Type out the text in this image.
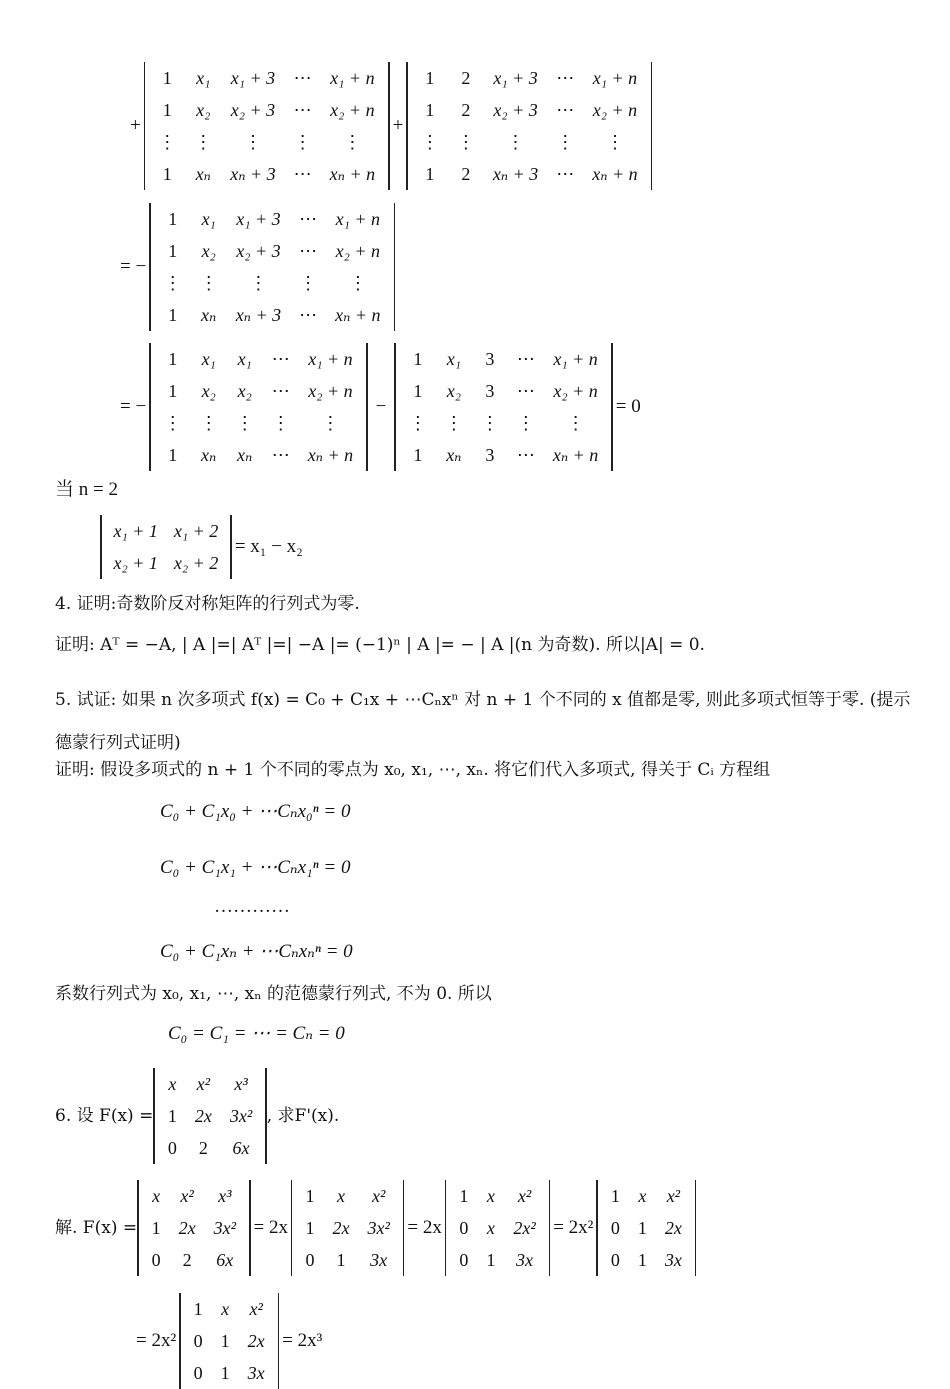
+
1	x₁	x₁ + 3	⋯	x₁ + n
1	x₂	x₂ + 3	⋯	x₂ + n
⋮	⋮	⋮	⋮	⋮
1	xₙ	xₙ + 3	⋯	xₙ + n
+
1	2	x₁ + 3	⋯	x₁ + n
1	2	x₂ + 3	⋯	x₂ + n
⋮	⋮	⋮	⋮	⋮
1	2	xₙ + 3	⋯	xₙ + n
= −
1	x₁	x₁ + 3	⋯	x₁ + n
1	x₂	x₂ + 3	⋯	x₂ + n
⋮	⋮	⋮	⋮	⋮
1	xₙ	xₙ + 3	⋯	xₙ + n
= −
1	x₁	x₁	⋯	x₁ + n
1	x₂	x₂	⋯	x₂ + n
⋮	⋮	⋮	⋮	⋮
1	xₙ	xₙ	⋯	xₙ + n
−
1	x₁	3	⋯	x₁ + n
1	x₂	3	⋯	x₂ + n
⋮	⋮	⋮	⋮	⋮
1	xₙ	3	⋯	xₙ + n
= 0
当 n = 2
x₁ + 1	x₁ + 2
x₂ + 1	x₂ + 2
= x₁ − x₂
4. 证明:奇数阶反对称矩阵的行列式为零.
证明: Aᵀ = −A, | A |=| Aᵀ |=| −A |= (−1)ⁿ | A |= − | A |(n 为奇数). 所以|A| = 0.
5. 试证: 如果 n 次多项式 f(x) = C₀ + C₁x + ⋯Cₙxⁿ 对 n + 1 个不同的 x 值都是零, 则此多项式恒等于零. (提示
德蒙行列式证明)
证明: 假设多项式的 n + 1 个不同的零点为 x₀, x₁, ⋯, xₙ. 将它们代入多项式, 得关于 Cᵢ 方程组
C₀ + C₁x₀ + ⋯Cₙx₀ⁿ = 0
C₀ + C₁x₁ + ⋯Cₙx₁ⁿ = 0
…………
C₀ + C₁xₙ + ⋯Cₙxₙⁿ = 0
系数行列式为 x₀, x₁, ⋯, xₙ 的范德蒙行列式, 不为 0. 所以
C₀ = C₁ = ⋯ = Cₙ = 0
6. 设 F(x) =
x	x²	x³
1	2x	3x²
0	2	6x
, 求F'(x).
解. F(x) =
x	x²	x³
1	2x	3x²
0	2	6x
= 2x
1	x	x²
1	2x	3x²
0	1	3x
= 2x
1	x	x²
0	x	2x²
0	1	3x
= 2x²
1	x	x²
0	1	2x
0	1	3x
= 2x²
1	x	x²
0	1	2x
0	1	3x
= 2x³
